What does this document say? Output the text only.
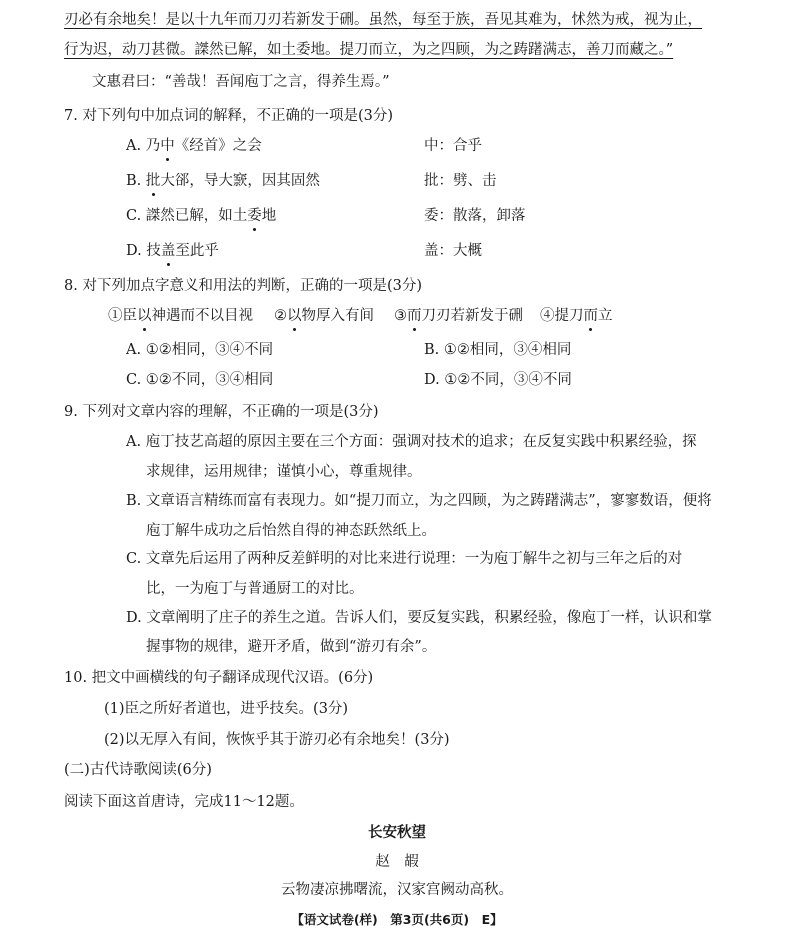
刃必有余地矣！是以十九年而刀刃若新发于硎。虽然，每至于族，吾见其难为，怵然为戒，视为止，
行为迟，动刀甚微。謋然已解，如土委地。提刀而立，为之四顾，为之踌躇满志，善刀而藏之。”
文惠君曰：“善哉！吾闻庖丁之言，得养生焉。”
7. 对下列句中加点词的解释，不正确的一项是(3分)
A. 乃中《经首》之会	中：合乎
B. 批大郤，导大窾，因其固然	批：劈、击
C. 謋然已解，如土委地	委：散落，卸落
D. 技盖至此乎	盖：大概
8. 对下列加点字意义和用法的判断，正确的一项是(3分)
①臣以神遇而不以目视 ②以物厚入有间 ③而刀刃若新发于硎 ④提刀而立
A. ①②相同，③④不同	B. ①②相同，③④相同
C. ①②不同，③④相同	D. ①②不同，③④不同
9. 下列对文章内容的理解，不正确的一项是(3分)
A. 庖丁技艺高超的原因主要在三个方面：强调对技术的追求；在反复实践中积累经验，探
求规律，运用规律；谨慎小心，尊重规律。
B. 文章语言精练而富有表现力。如“提刀而立，为之四顾，为之踌躇满志”，寥寥数语，便将
庖丁解牛成功之后怡然自得的神态跃然纸上。
C. 文章先后运用了两种反差鲜明的对比来进行说理：一为庖丁解牛之初与三年之后的对
比，一为庖丁与普通厨工的对比。
D. 文章阐明了庄子的养生之道。告诉人们，要反复实践，积累经验，像庖丁一样，认识和掌
握事物的规律，避开矛盾，做到“游刃有余”。
10. 把文中画横线的句子翻译成现代汉语。(6分)
(1)臣之所好者道也，进乎技矣。(3分)
(2)以无厚入有间，恢恢乎其于游刃必有余地矣！(3分)
(二)古代诗歌阅读(6分)
阅读下面这首唐诗，完成11～12题。
长安秋望
赵　嘏
云物凄凉拂曙流，汉家宫阙动高秋。
【语文试卷(样)　第3页(共6页)　E】
